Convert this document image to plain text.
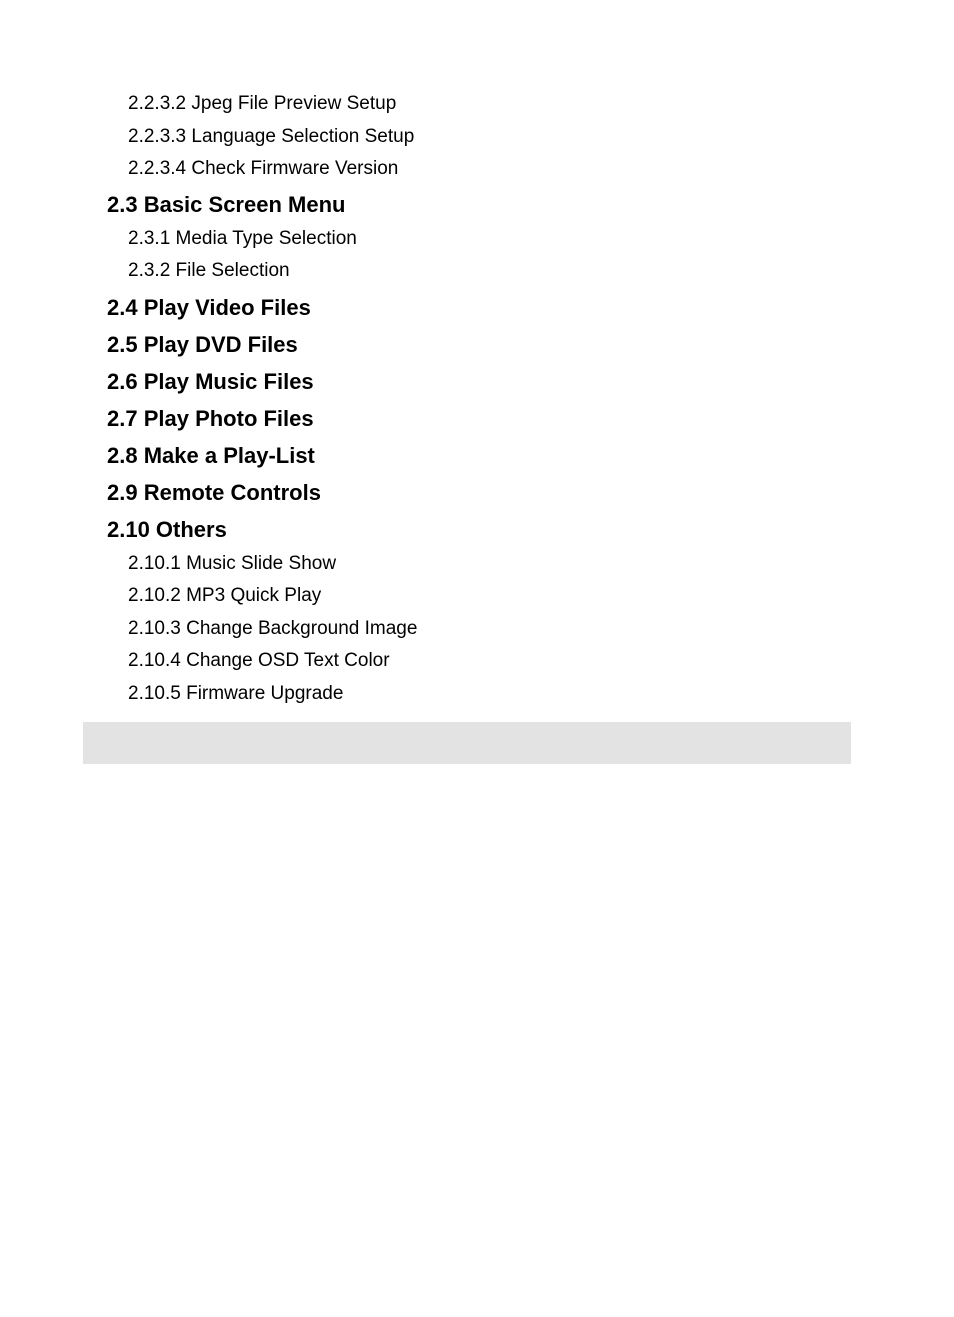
2.2.3.2 Jpeg File Preview Setup
2.2.3.3 Language Selection Setup
2.2.3.4 Check Firmware Version
2.3 Basic Screen Menu
2.3.1 Media Type Selection
2.3.2 File Selection
2.4 Play Video Files
2.5 Play DVD Files
2.6 Play Music Files
2.7 Play Photo Files
2.8 Make a Play-List
2.9 Remote Controls
2.10 Others
2.10.1 Music Slide Show
2.10.2 MP3 Quick Play
2.10.3 Change Background Image
2.10.4 Change OSD Text Color
2.10.5 Firmware Upgrade
